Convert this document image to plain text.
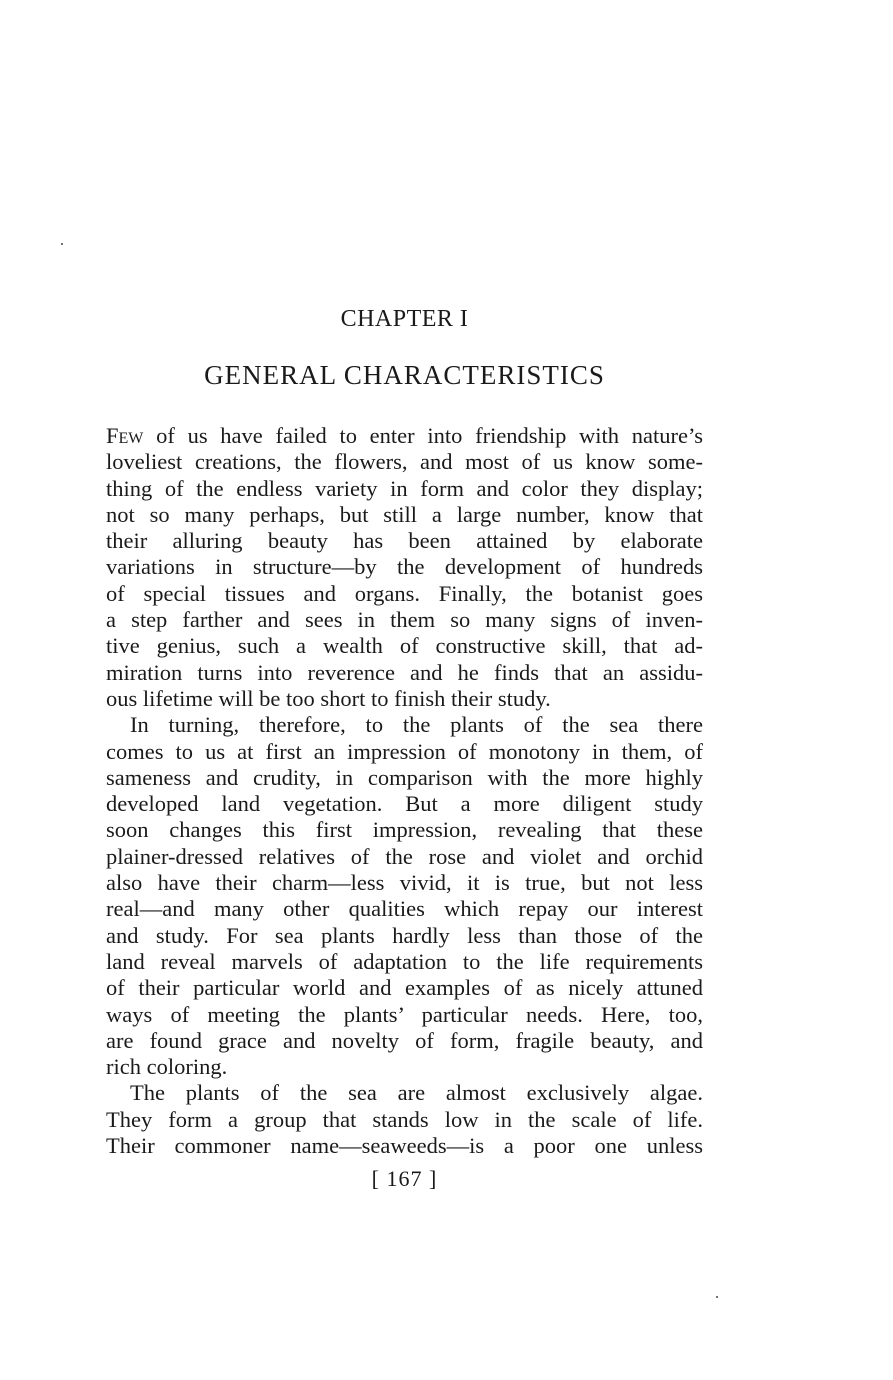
CHAPTER I
GENERAL CHARACTERISTICS
Few of us have failed to enter into friendship with nature’s
loveliest creations, the flowers, and most of us know some-
thing of the endless variety in form and color they display;
not so many perhaps, but still a large number, know that
their alluring beauty has been attained by elaborate
variations in structure—by the development of hundreds
of special tissues and organs. Finally, the botanist goes
a step farther and sees in them so many signs of inven-
tive genius, such a wealth of constructive skill, that ad-
miration turns into reverence and he finds that an assidu-
ous lifetime will be too short to finish their study.
In turning, therefore, to the plants of the sea there
comes to us at first an impression of monotony in them, of
sameness and crudity, in comparison with the more highly
developed land vegetation. But a more diligent study
soon changes this first impression, revealing that these
plainer-dressed relatives of the rose and violet and orchid
also have their charm—less vivid, it is true, but not less
real—and many other qualities which repay our interest
and study. For sea plants hardly less than those of the
land reveal marvels of adaptation to the life requirements
of their particular world and examples of as nicely attuned
ways of meeting the plants’ particular needs. Here, too,
are found grace and novelty of form, fragile beauty, and
rich coloring.
The plants of the sea are almost exclusively algae.
They form a group that stands low in the scale of life.
Their commoner name—seaweeds—is a poor one unless
[ 167 ]
